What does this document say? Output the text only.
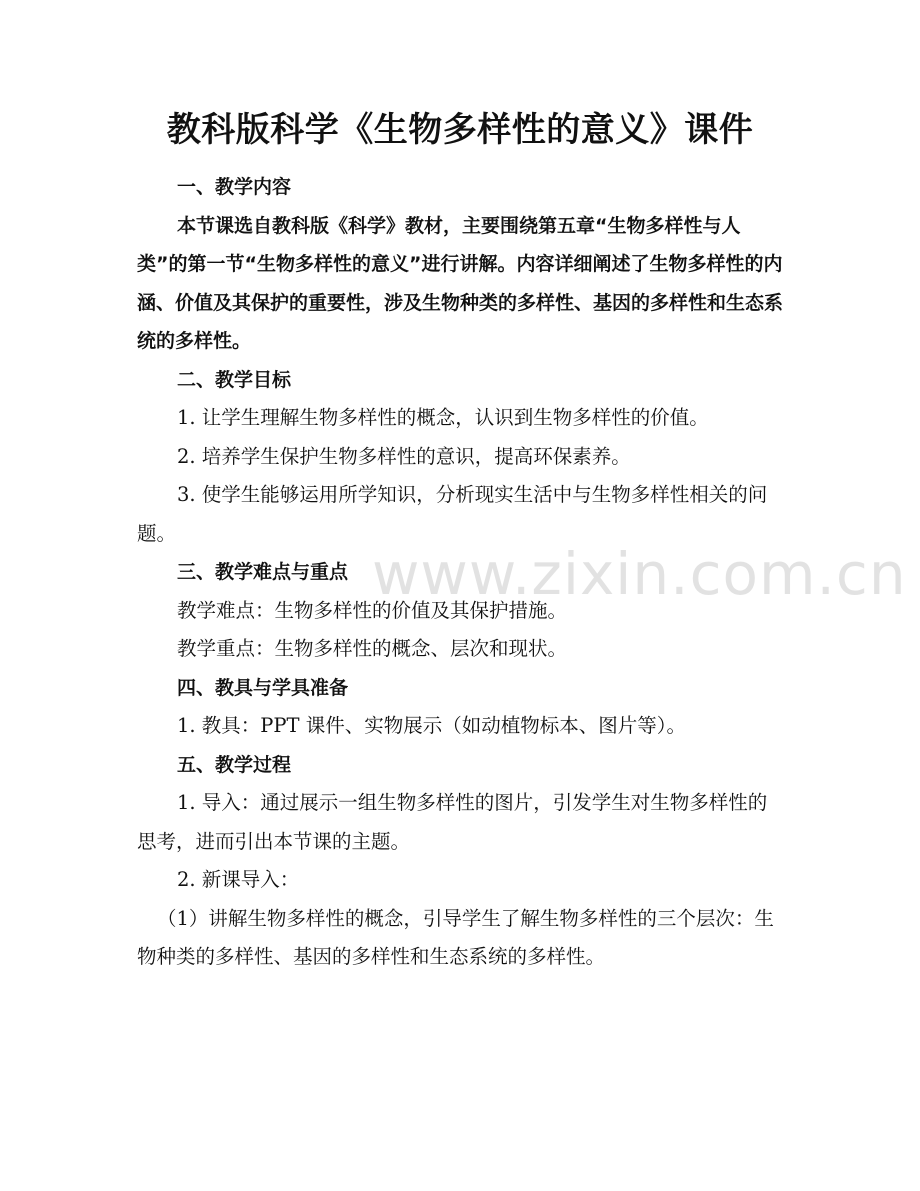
教科版科学《生物多样性的意义》课件

一、教学内容

本节课选自教科版《科学》教材，主要围绕第五章“生物多样性与人类”的第一节“生物多样性的意义”进行讲解。内容详细阐述了生物多样性的内涵、价值及其保护的重要性，涉及生物种类的多样性、基因的多样性和生态系统的多样性。

二、教学目标

1. 让学生理解生物多样性的概念，认识到生物多样性的价值。

2. 培养学生保护生物多样性的意识，提高环保素养。

3. 使学生能够运用所学知识，分析现实生活中与生物多样性相关的问题。

三、教学难点与重点

教学难点：生物多样性的价值及其保护措施。

教学重点：生物多样性的概念、层次和现状。

四、教具与学具准备

1. 教具：PPT 课件、实物展示（如动植物标本、图片等）。

五、教学过程

1. 导入：通过展示一组生物多样性的图片，引发学生对生物多样性的思考，进而引出本节课的主题。

2. 新课导入：

（1）讲解生物多样性的概念，引导学生了解生物多样性的三个层次：生物种类的多样性、基因的多样性和生态系统的多样性。

www.zixin.com.cn
